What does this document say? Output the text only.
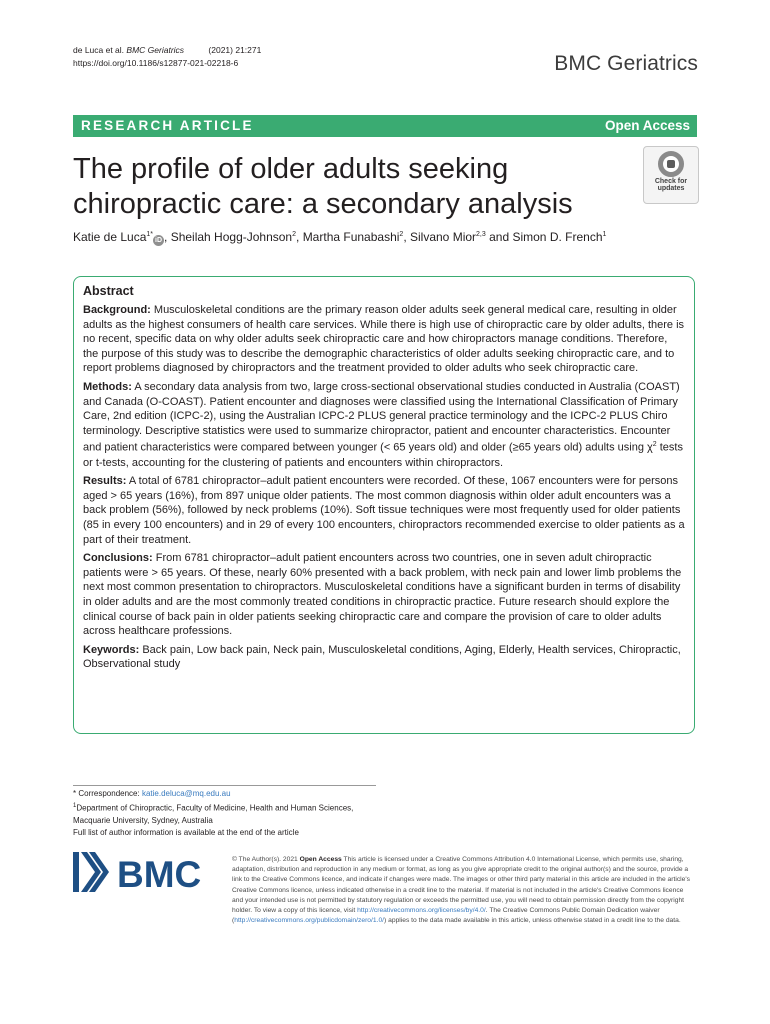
de Luca et al. BMC Geriatrics	(2021) 21:271
https://doi.org/10.1186/s12877-021-02218-6	BMC Geriatrics
RESEARCH ARTICLE	Open Access
The profile of older adults seeking chiropractic care: a secondary analysis
Check for
updates
Katie de Luca$^{1*}$iD , Sheilah Hogg-Johnson$^2$, Martha Funabashi$^2$, Silvano Mior$^{2,3}$ and Simon D. French$^1$
Abstract

Background: Musculoskeletal conditions are the primary reason older adults seek general medical care, resulting in older adults as the highest consumers of health care services. While there is high use of chiropractic care by older adults, there is no recent, specific data on why older adults seek chiropractic care and how chiropractors manage conditions. Therefore, the purpose of this study was to describe the demographic characteristics of older adults seeking chiropractic care, and to report problems diagnosed by chiropractors and the treatment provided to older adults who seek chiropractic care.

Methods: A secondary data analysis from two, large cross-sectional observational studies conducted in Australia (COAST) and Canada (O-COAST). Patient encounter and diagnoses were classified using the International Classification of Primary Care, 2nd edition (ICPC-2), using the Australian ICPC-2 PLUS general practice terminology and the ICPC-2 PLUS Chiro terminology. Descriptive statistics were used to summarize chiropractor, patient and encounter characteristics. Encounter and patient characteristics were compared between younger (< 65 years old) and older (≥65 years old) adults using $\chi^2$ tests or t-tests, accounting for the clustering of patients and encounters within chiropractors.

Results: A total of 6781 chiropractor–adult patient encounters were recorded. Of these, 1067 encounters were for persons aged > 65 years (16%), from 897 unique older patients. The most common diagnosis within older adult encounters was a back problem (56%), followed by neck problems (10%). Soft tissue techniques were most frequently used for older patients (85 in every 100 encounters) and in 29 of every 100 encounters, chiropractors recommended exercise to older patients as a part of their treatment.

Conclusions: From 6781 chiropractor–adult patient encounters across two countries, one in seven adult chiropractic patients were > 65 years. Of these, nearly 60% presented with a back problem, with neck pain and lower limb problems the next most common presentation to chiropractors. Musculoskeletal conditions have a significant burden in terms of disability in older adults and are the most commonly treated conditions in chiropractic practice. Future research should explore the clinical course of back pain in older patients seeking chiropractic care and compare the provision of care to older adults across healthcare professions.

Keywords: Back pain, Low back pain, Neck pain, Musculoskeletal conditions, Aging, Elderly, Health services, Chiropractic, Observational study

* Correspondence: katie.deluca@mq.edu.au
$^1$Department of Chiropractic, Faculty of Medicine, Health and Human Sciences, Macquarie University, Sydney, Australia
Full list of author information is available at the end of the article
BMC	© The Author(s). 2021 Open Access This article is licensed under a Creative Commons Attribution 4.0 International License, which permits use, sharing, adaptation, distribution and reproduction in any medium or format, as long as you give appropriate credit to the original author(s) and the source, provide a link to the Creative Commons licence, and indicate if changes were made. The images or other third party material in this article are included in the article's Creative Commons licence, unless indicated otherwise in a credit line to the material. If material is not included in the article's Creative Commons licence and your intended use is not permitted by statutory regulation or exceeds the permitted use, you will need to obtain permission directly from the copyright holder. To view a copy of this licence, visit http://creativecommons.org/licenses/by/4.0/. The Creative Commons Public Domain Dedication waiver (http://creativecommons.org/publicdomain/zero/1.0/) applies to the data made available in this article, unless otherwise stated in a credit line to the data.
